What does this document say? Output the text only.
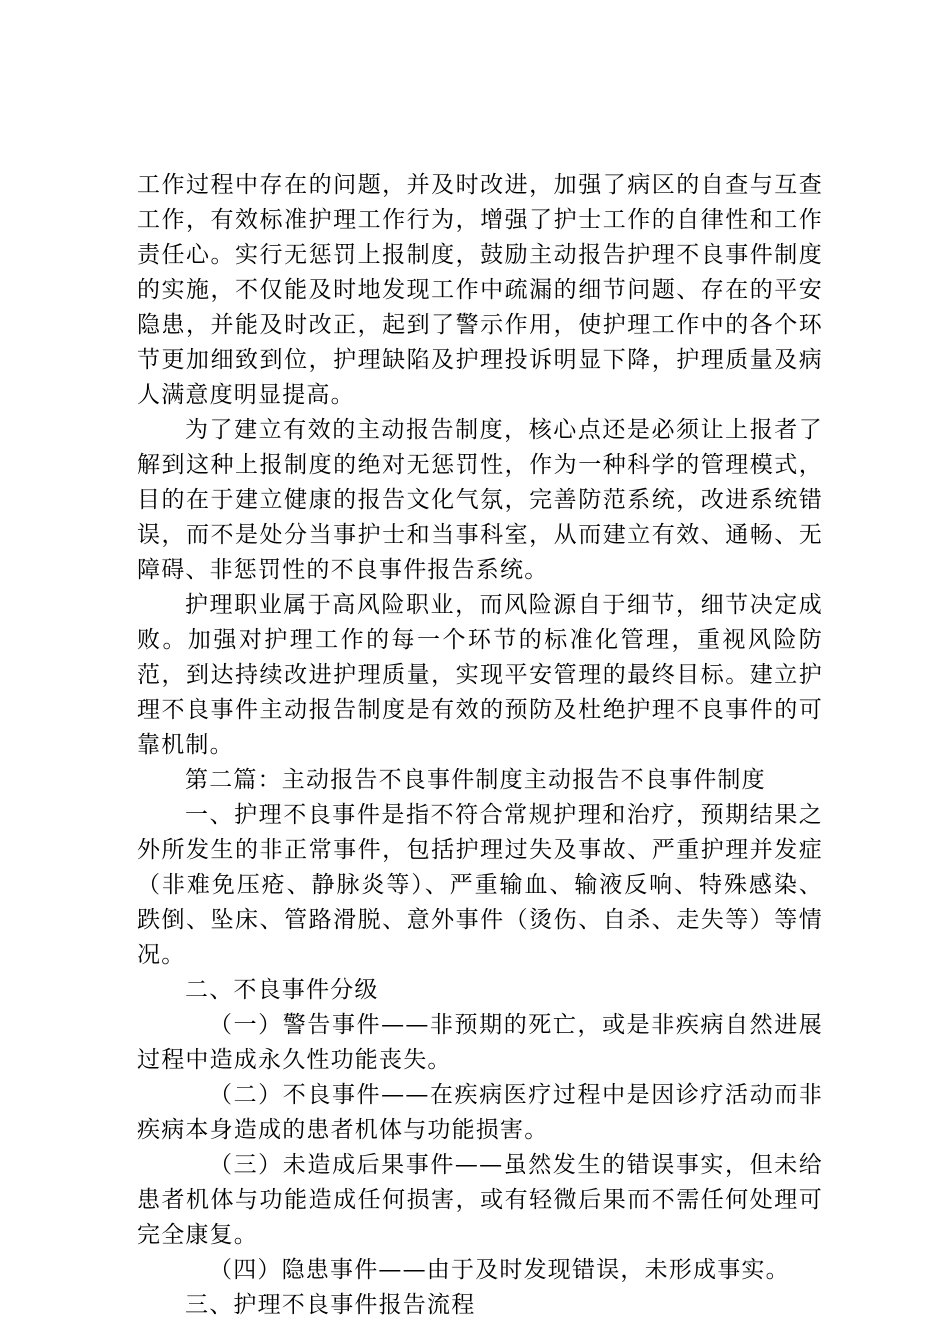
工作过程中存在的问题，并及时改进，加强了病区的自查与互查工作，有效标准护理工作行为，增强了护士工作的自律性和工作责任心。实行无惩罚上报制度，鼓励主动报告护理不良事件制度的实施，不仅能及时地发现工作中疏漏的细节问题、存在的平安隐患，并能及时改正，起到了警示作用，使护理工作中的各个环节更加细致到位，护理缺陷及护理投诉明显下降，护理质量及病人满意度明显提高。

为了建立有效的主动报告制度，核心点还是必须让上报者了解到这种上报制度的绝对无惩罚性，作为一种科学的管理模式，目的在于建立健康的报告文化气氛，完善防范系统，改进系统错误，而不是处分当事护士和当事科室，从而建立有效、通畅、无障碍、非惩罚性的不良事件报告系统。

护理职业属于高风险职业，而风险源自于细节，细节决定成败。加强对护理工作的每一个环节的标准化管理，重视风险防范，到达持续改进护理质量，实现平安管理的最终目标。建立护理不良事件主动报告制度是有效的预防及杜绝护理不良事件的可靠机制。

第二篇：主动报告不良事件制度主动报告不良事件制度

一、护理不良事件是指不符合常规护理和治疗，预期结果之外所发生的非正常事件，包括护理过失及事故、严重护理并发症（非难免压疮、静脉炎等）、严重输血、输液反响、特殊感染、跌倒、坠床、管路滑脱、意外事件（烫伤、自杀、走失等）等情况。

二、不良事件分级

（一）警告事件——非预期的死亡，或是非疾病自然进展过程中造成永久性功能丧失。

（二）不良事件——在疾病医疗过程中是因诊疗活动而非疾病本身造成的患者机体与功能损害。

（三）未造成后果事件——虽然发生的错误事实，但未给患者机体与功能造成任何损害，或有轻微后果而不需任何处理可完全康复。

（四）隐患事件——由于及时发现错误，未形成事实。

三、护理不良事件报告流程
